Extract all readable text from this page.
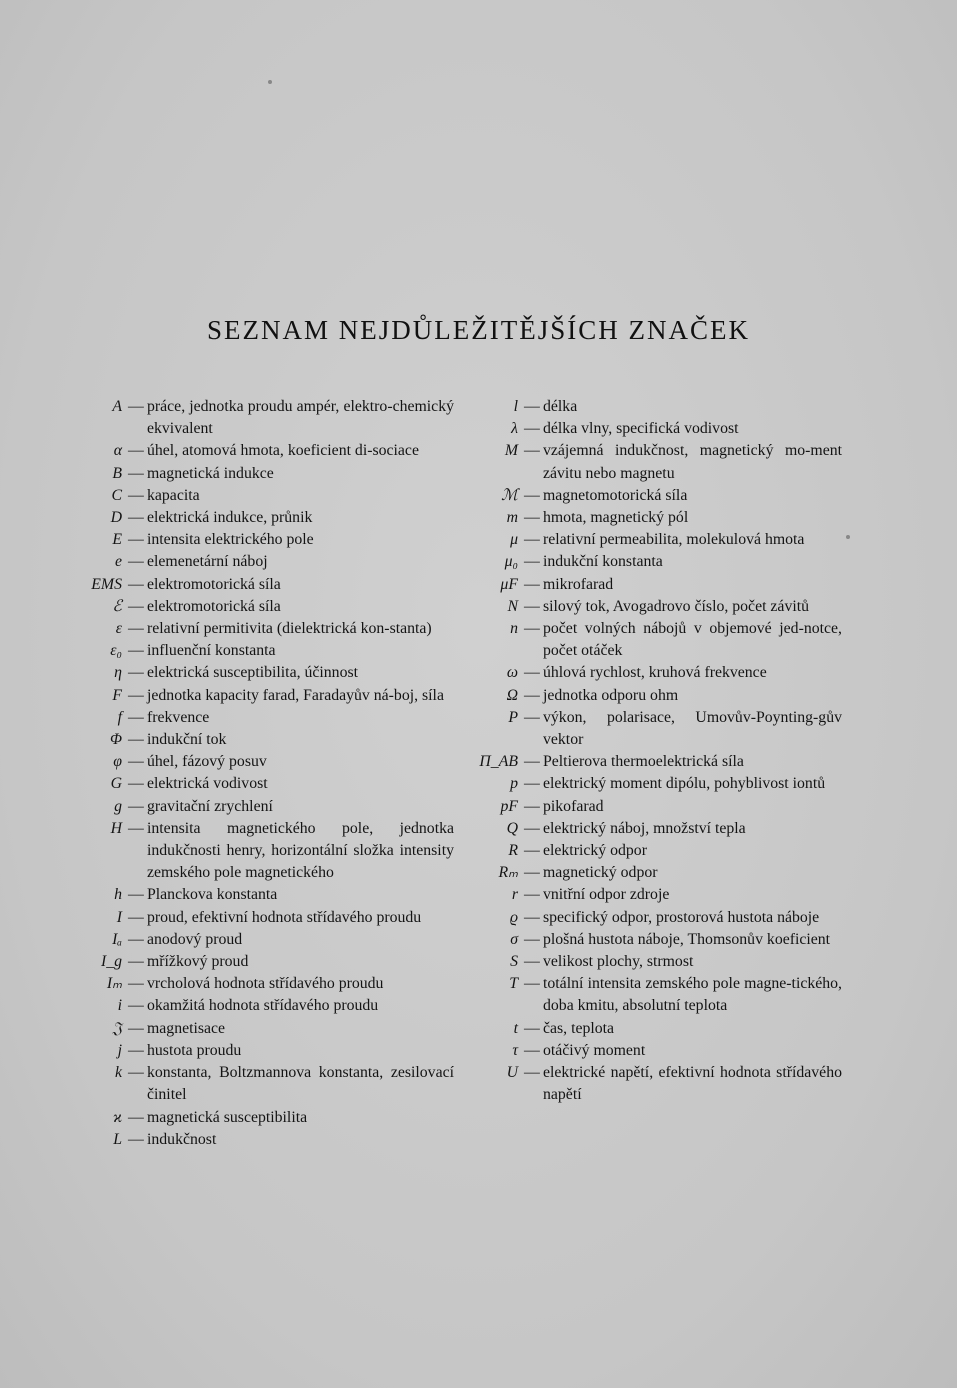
SEZNAM NEJDŮLEŽITĚJŠÍCH ZNAČEK
A — práce, jednotka proudu ampér, elektro-chemický ekvivalent
α — úhel, atomová hmota, koeficient di-sociace
B — magnetická indukce
C — kapacita
D — elektrická indukce, průnik
E — intensita elektrického pole
e — elemenetární náboj
EMS — elektromotorická síla
ℰ — elektromotorická síla
ε — relativní permitivita (dielektrická kon-stanta)
ε₀ — influenční konstanta
η — elektrická susceptibilita, účinnost
F — jednotka kapacity farad, Faradayův ná-boj, síla
f — frekvence
Φ — indukční tok
φ — úhel, fázový posuv
G — elektrická vodivost
g — gravitační zrychlení
H — intensita magnetického pole, jednotka indukčnosti henry, horizontální složka intensity zemského pole magnetického
h — Planckova konstanta
I — proud, efektivní hodnota střídavého proudu
Iₐ — anodový proud
I_g — mřížkový proud
Iₘ — vrcholová hodnota střídavého proudu
i — okamžitá hodnota střídavého proudu
𝔍 — magnetisace
j — hustota proudu
k — konstanta, Boltzmannova konstanta, zesilovací činitel
ϰ — magnetická susceptibilita
L — indukčnost
l — délka
λ — délka vlny, specifická vodivost
M — vzájemná indukčnost, magnetický mo-ment závitu nebo magnetu
ℳ — magnetomotorická síla
m — hmota, magnetický pól
μ — relativní permeabilita, molekulová hmota
μ₀ — indukční konstanta
μF — mikrofarad
N — silový tok, Avogadrovo číslo, počet závitů
n — počet volných nábojů v objemové jed-notce, počet otáček
ω — úhlová rychlost, kruhová frekvence
Ω — jednotka odporu ohm
P — výkon, polarisace, Umovův-Poynting-gův vektor
Π_AB — Peltierova thermoelektrická síla
p — elektrický moment dipólu, pohyblivost iontů
pF — pikofarad
Q — elektrický náboj, množství tepla
R — elektrický odpor
Rₘ — magnetický odpor
r — vnitřní odpor zdroje
ϱ — specifický odpor, prostorová hustota náboje
σ — plošná hustota náboje, Thomsonův koeficient
S — velikost plochy, strmost
T — totální intensita zemského pole magne-tického, doba kmitu, absolutní teplota
t — čas, teplota
τ — otáčivý moment
U — elektrické napětí, efektivní hodnota střídavého napětí
